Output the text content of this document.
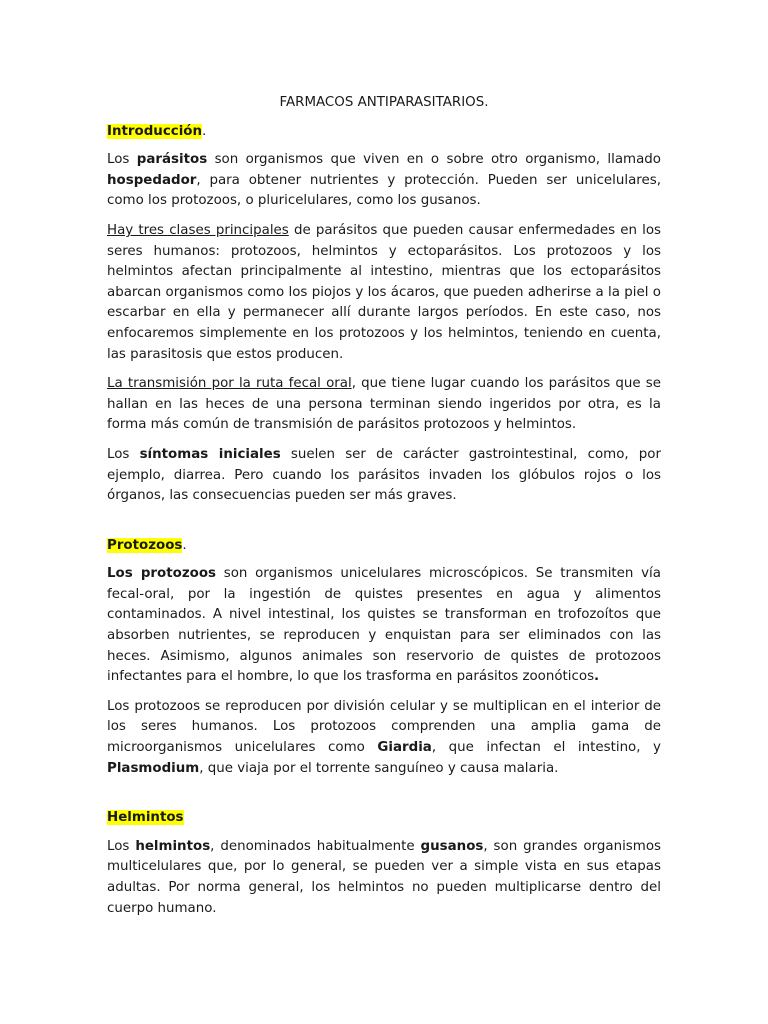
FARMACOS ANTIPARASITARIOS.
Introducción.

Los parásitos son organismos que viven en o sobre otro organismo, llamado hospedador, para obtener nutrientes y protección. Pueden ser unicelulares, como los protozoos, o pluricelulares, como los gusanos.

Hay tres clases principales de parásitos que pueden causar enfermedades en los seres humanos: protozoos, helmintos y ectoparásitos. Los protozoos y los helmintos afectan principalmente al intestino, mientras que los ectoparásitos abarcan organismos como los piojos y los ácaros, que pueden adherirse a la piel o escarbar en ella y permanecer allí durante largos períodos. En este caso, nos enfocaremos simplemente en los protozoos y los helmintos, teniendo en cuenta, las parasitosis que estos producen.

La transmisión por la ruta fecal oral, que tiene lugar cuando los parásitos que se hallan en las heces de una persona terminan siendo ingeridos por otra, es la forma más común de transmisión de parásitos protozoos y helmintos.

Los síntomas iniciales suelen ser de carácter gastrointestinal, como, por ejemplo, diarrea. Pero cuando los parásitos invaden los glóbulos rojos o los órganos, las consecuencias pueden ser más graves.

Protozoos.

Los protozoos son organismos unicelulares microscópicos. Se transmiten vía fecal-oral, por la ingestión de quistes presentes en agua y alimentos contaminados. A nivel intestinal, los quistes se transforman en trofozoítos que absorben nutrientes, se reproducen y enquistan para ser eliminados con las heces. Asimismo, algunos animales son reservorio de quistes de protozoos infectantes para el hombre, lo que los trasforma en parásitos zoonóticos.

Los protozoos se reproducen por división celular y se multiplican en el interior de los seres humanos. Los protozoos comprenden una amplia gama de microorganismos unicelulares como Giardia, que infectan el intestino, y Plasmodium, que viaja por el torrente sanguíneo y causa malaria.

Helmintos

Los helmintos, denominados habitualmente gusanos, son grandes organismos multicelulares que, por lo general, se pueden ver a simple vista en sus etapas adultas. Por norma general, los helmintos no pueden multiplicarse dentro del cuerpo humano.
